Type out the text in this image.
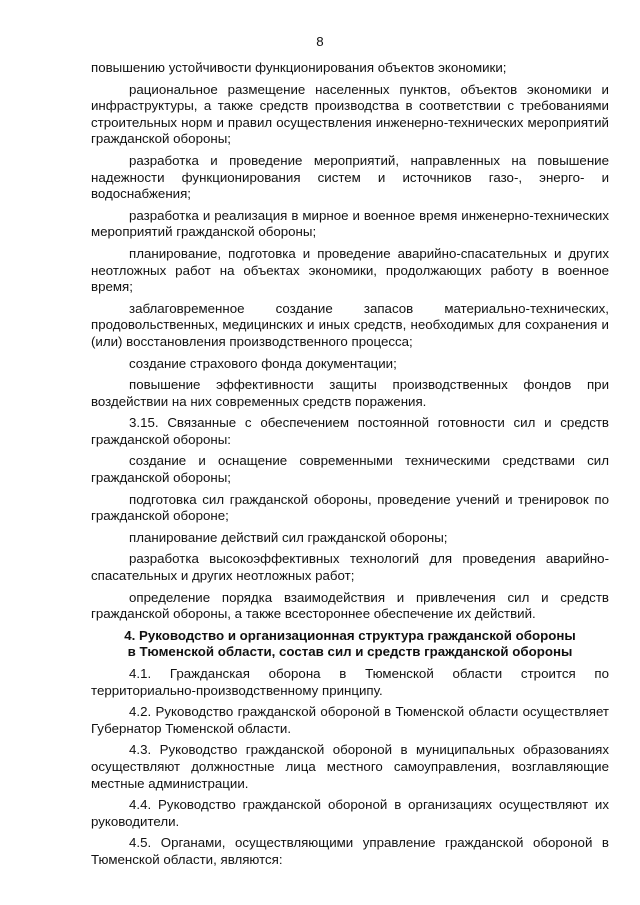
8

повышению устойчивости функционирования объектов экономики;

рациональное размещение населенных пунктов, объектов экономики и инфраструктуры, а также средств производства в соответствии с требованиями строительных норм и правил осуществления инженерно-технических мероприятий гражданской обороны;

разработка и проведение мероприятий, направленных на повышение надежности функционирования систем и источников газо-, энерго- и водоснабжения;

разработка и реализация в мирное и военное время инженерно-технических мероприятий гражданской обороны;

планирование, подготовка и проведение аварийно-спасательных и других неотложных работ на объектах экономики, продолжающих работу в военное время;

заблаговременное создание запасов материально-технических, продовольственных, медицинских и иных средств, необходимых для сохранения и (или) восстановления производственного процесса;

создание страхового фонда документации;

повышение эффективности защиты производственных фондов при воздействии на них современных средств поражения.

3.15. Связанные с обеспечением постоянной готовности сил и средств гражданской обороны:

создание и оснащение современными техническими средствами сил гражданской обороны;

подготовка сил гражданской обороны, проведение учений и тренировок по гражданской обороне;

планирование действий сил гражданской обороны;

разработка высокоэффективных технологий для проведения аварийно-спасательных и других неотложных работ;

определение порядка взаимодействия и привлечения сил и средств гражданской обороны, а также всестороннее обеспечение их действий.

4. Руководство и организационная структура гражданской обороны
в Тюменской области, состав сил и средств гражданской обороны

4.1. Гражданская оборона в Тюменской области строится по территориально-производственному принципу.

4.2. Руководство гражданской обороной в Тюменской области осуществляет Губернатор Тюменской области.

4.3. Руководство гражданской обороной в муниципальных образованиях осуществляют должностные лица местного самоуправления, возглавляющие местные администрации.

4.4. Руководство гражданской обороной в организациях осуществляют их руководители.

4.5. Органами, осуществляющими управление гражданской обороной в Тюменской области, являются:
